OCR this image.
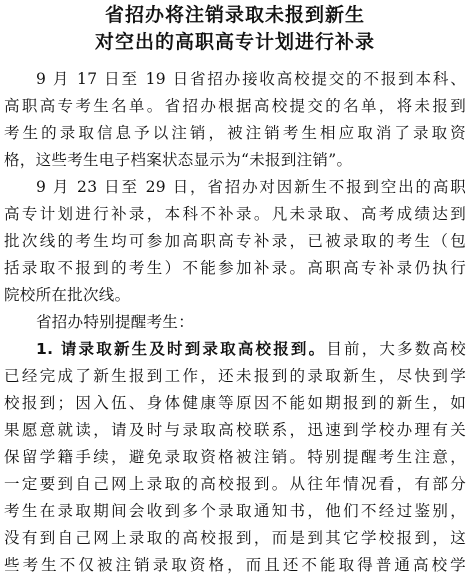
省招办将注销录取未报到新生
对空出的高职高专计划进行补录
9 月 17 日至 19 日省招办接收高校提交的不报到本科、
高职高专考生名单。省招办根据高校提交的名单，将未报到
考生的录取信息予以注销，被注销考生相应取消了录取资
格，这些考生电子档案状态显示为“未报到注销”。
9 月 23 日至 29 日，省招办对因新生不报到空出的高职
高专计划进行补录，本科不补录。凡未录取、高考成绩达到
批次线的考生均可参加高职高专补录，已被录取的考生（包
括录取不报到的考生）不能参加补录。高职高专补录仍执行
院校所在批次线。
省招办特别提醒考生：
1. 请录取新生及时到录取高校报到。目前，大多数高校
已经完成了新生报到工作，还未报到的录取新生，尽快到学
校报到；因入伍、身体健康等原因不能如期报到的新生，如
果愿意就读，请及时与录取高校联系，迅速到学校办理有关
保留学籍手续，避免录取资格被注销。特别提醒考生注意，
一定要到自己网上录取的高校报到。从往年情况看，有部分
考生在录取期间会收到多个录取通知书，他们不经过鉴别，
没有到自己网上录取的高校报到，而是到其它学校报到，这
些考生不仅被注销录取资格，而且还不能取得普通高校学
